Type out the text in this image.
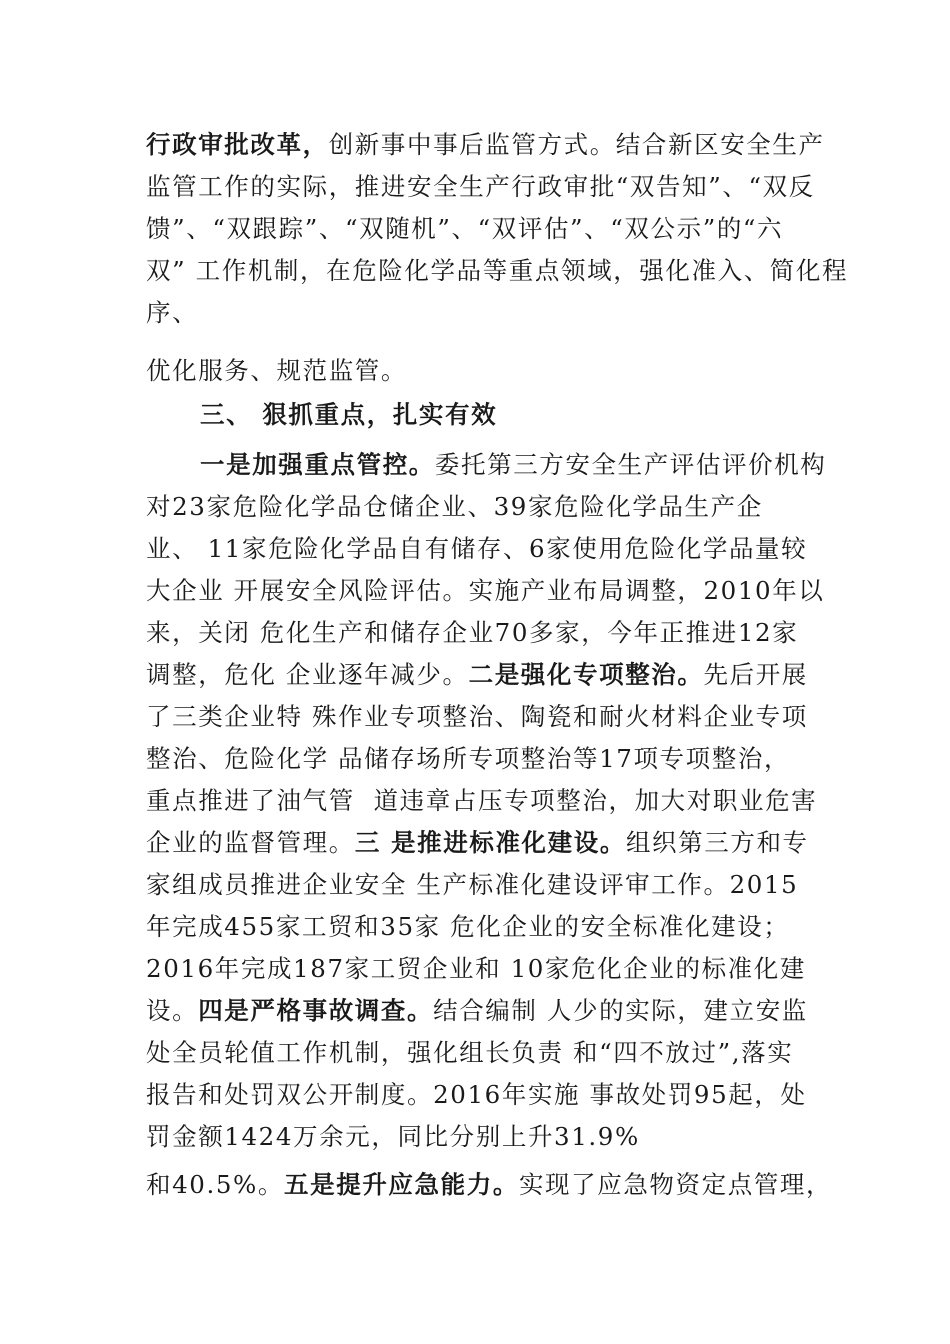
行政审批改革，创新事中事后监管方式。结合新区安全生产
监管工作的实际，推进安全生产行政审批“双告知”、“双反
馈”、“双跟踪”、“双随机”、“双评估”、“双公示”的“六
双” 工作机制，在危险化学品等重点领域，强化准入、简化程
序、
优化服务、规范监管。
三、 狠抓重点，扎实有效
一是加强重点管控。委托第三方安全生产评估评价机构
对23家危险化学品仓储企业、39家危险化学品生产企
业、 11家危险化学品自有储存、6家使用危险化学品量较
大企业 开展安全风险评估。实施产业布局调整，2010年以
来，关闭 危化生产和储存企业70多家，今年正推进12家
调整，危化 企业逐年减少。二是强化专项整治。先后开展
了三类企业特 殊作业专项整治、陶瓷和耐火材料企业专项
整治、危险化学 品储存场所专项整治等17项专项整治，
重点推进了油气管  道违章占压专项整治，加大对职业危害
企业的监督管理。三 是推进标准化建设。组织第三方和专
家组成员推进企业安全 生产标准化建设评审工作。2015
年完成455家工贸和35家 危化企业的安全标准化建设；
2016年完成187家工贸企业和 10家危化企业的标准化建
设。四是严格事故调查。结合编制 人少的实际，建立安监
处全员轮值工作机制，强化组长负责 和“四不放过”,落实
报告和处罚双公开制度。2016年实施 事故处罚95起，处
罚金额1424万余元，同比分别上升31.9%
和40.5%。五是提升应急能力。实现了应急物资定点管理，
